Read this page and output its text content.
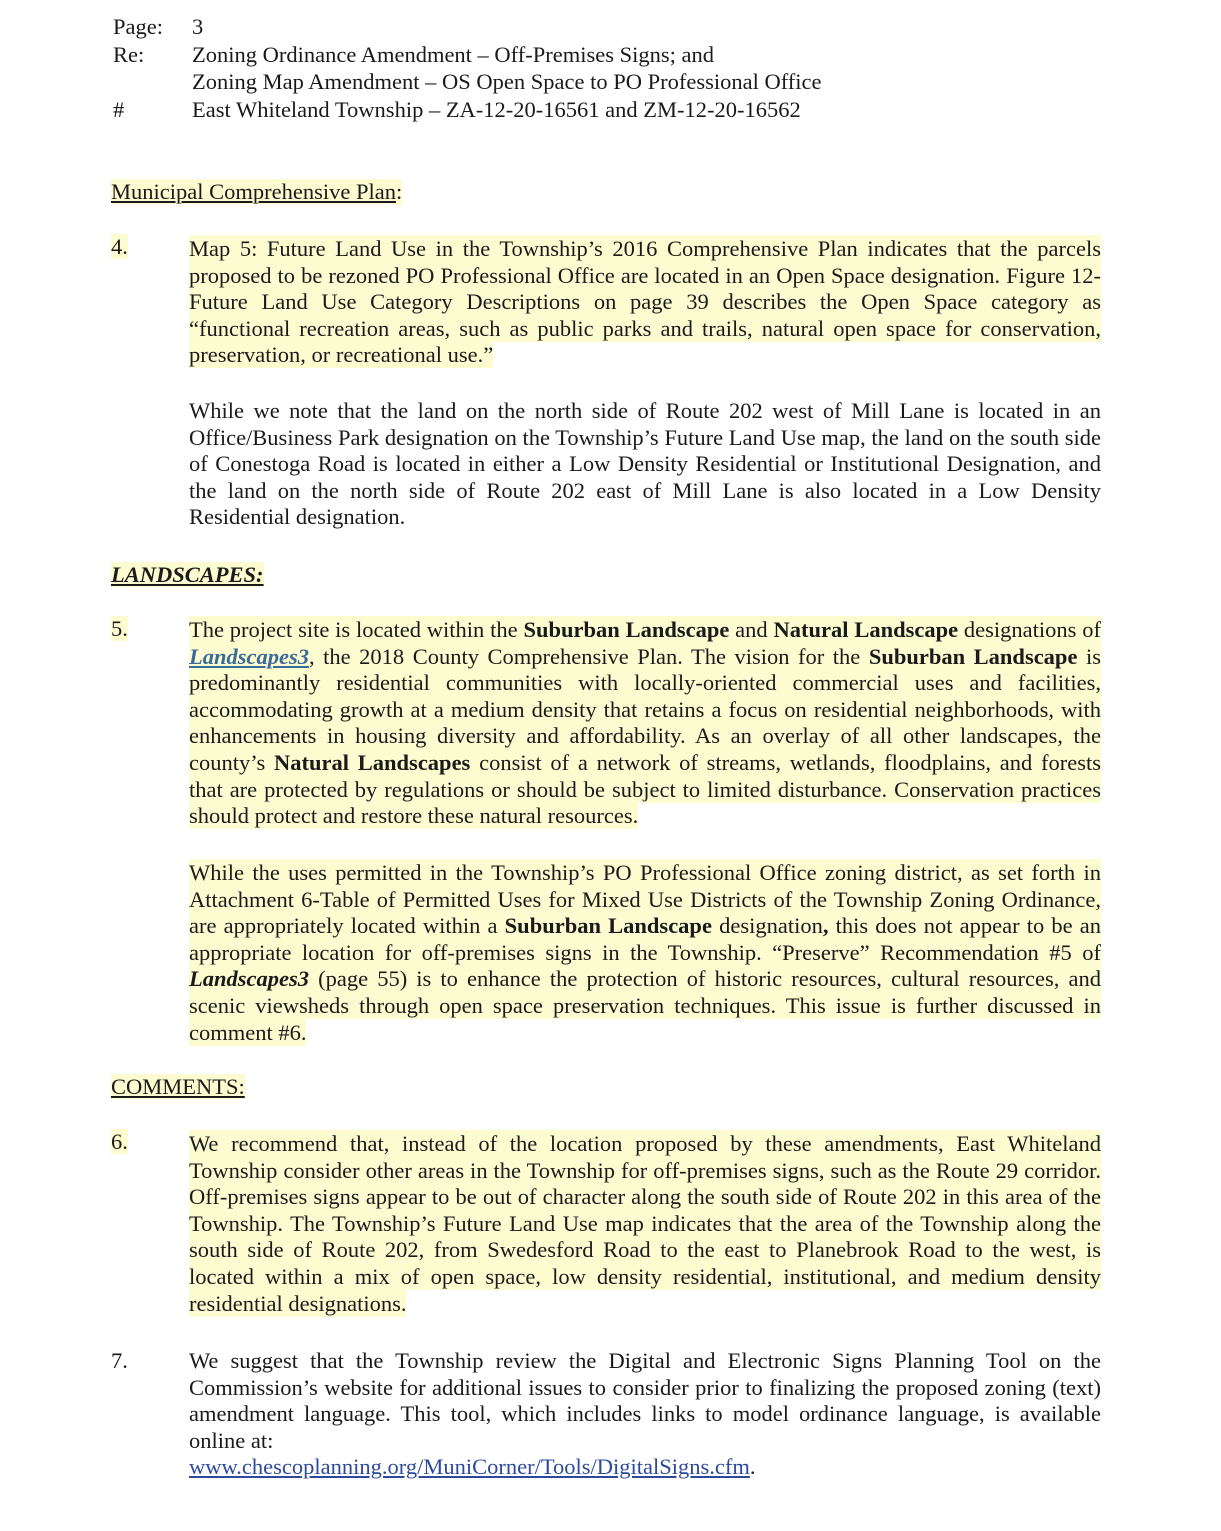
Page:	3
Re:	Zoning Ordinance Amendment – Off-Premises Signs; and
Zoning Map Amendment – OS Open Space to PO Professional Office
#	East Whiteland Township – ZA-12-20-16561 and ZM-12-20-16562
Municipal Comprehensive Plan:
4.	Map 5: Future Land Use in the Township’s 2016 Comprehensive Plan indicates that the parcels proposed to be rezoned PO Professional Office are located in an Open Space designation. Figure 12-Future Land Use Category Descriptions on page 39 describes the Open Space category as “functional recreation areas, such as public parks and trails, natural open space for conservation, preservation, or recreational use.”
While we note that the land on the north side of Route 202 west of Mill Lane is located in an Office/Business Park designation on the Township’s Future Land Use map, the land on the south side of Conestoga Road is located in either a Low Density Residential or Institutional Designation, and the land on the north side of Route 202 east of Mill Lane is also located in a Low Density Residential designation.
LANDSCAPES:
5.	The project site is located within the Suburban Landscape and Natural Landscape designations of Landscapes3, the 2018 County Comprehensive Plan. The vision for the Suburban Landscape is predominantly residential communities with locally-oriented commercial uses and facilities, accommodating growth at a medium density that retains a focus on residential neighborhoods, with enhancements in housing diversity and affordability. As an overlay of all other landscapes, the county’s Natural Landscapes consist of a network of streams, wetlands, floodplains, and forests that are protected by regulations or should be subject to limited disturbance. Conservation practices should protect and restore these natural resources.
While the uses permitted in the Township’s PO Professional Office zoning district, as set forth in Attachment 6-Table of Permitted Uses for Mixed Use Districts of the Township Zoning Ordinance, are appropriately located within a Suburban Landscape designation, this does not appear to be an appropriate location for off-premises signs in the Township. “Preserve” Recommendation #5 of Landscapes3 (page 55) is to enhance the protection of historic resources, cultural resources, and scenic viewsheds through open space preservation techniques. This issue is further discussed in comment #6.
COMMENTS:
6.	We recommend that, instead of the location proposed by these amendments, East Whiteland Township consider other areas in the Township for off-premises signs, such as the Route 29 corridor. Off-premises signs appear to be out of character along the south side of Route 202 in this area of the Township. The Township’s Future Land Use map indicates that the area of the Township along the south side of Route 202, from Swedesford Road to the east to Planebrook Road to the west, is located within a mix of open space, low density residential, institutional, and medium density residential designations.
7.	We suggest that the Township review the Digital and Electronic Signs Planning Tool on the Commission’s website for additional issues to consider prior to finalizing the proposed zoning (text) amendment language. This tool, which includes links to model ordinance language, is available online at:
www.chescoplanning.org/MuniCorner/Tools/DigitalSigns.cfm.
